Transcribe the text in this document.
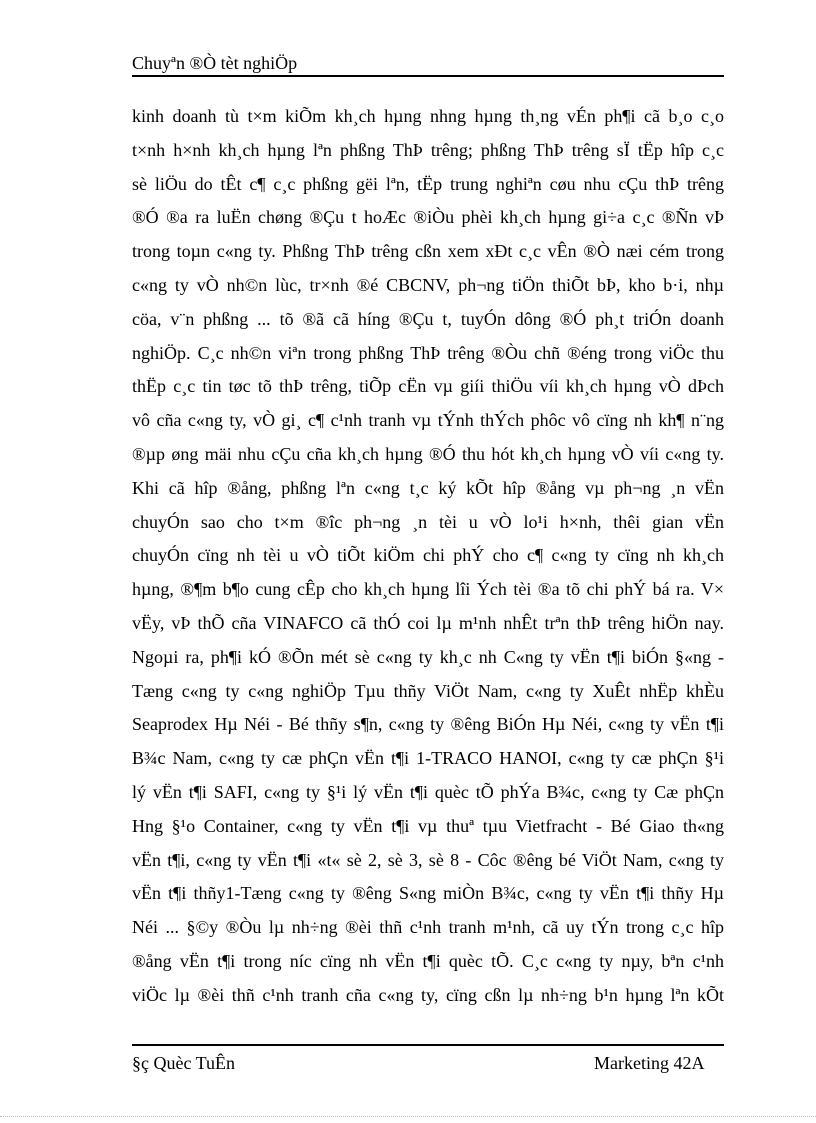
Chuyªn ®Ò tèt nghiÖp
kinh doanh tù t×m kiÕm kh¸ch hµng nhng hµng th¸ng vÉn ph¶i cã b¸o c¸o
t×nh h×nh kh¸ch hµng lªn phßng ThÞ trêng; phßng ThÞ trêng sÏ tËp hîp c¸c
sè liÖu do tÊt c¶ c¸c phßng gëi lªn, tËp trung nghiªn cøu nhu cÇu thÞ trêng
®Ó ®a ra luËn chøng ®Çu t hoÆc ®iÒu phèi kh¸ch hµng gi÷a c¸c ®Ñn vÞ
trong toµn c«ng ty. Phßng ThÞ trêng cßn xem xÐt c¸c vÊn ®Ò næi cém trong
c«ng ty vÒ nh©n lùc, tr×nh ®é CBCNV, ph¬ng tiÖn thiÕt bÞ, kho b·i, nhµ
cöa, v¨n phßng ... tõ ®ã cã híng ®Çu t, tuyÓn dông ®Ó ph¸t triÓn doanh
nghiÖp. C¸c nh©n viªn trong phßng ThÞ trêng ®Òu chñ ®éng trong viÖc thu
thËp c¸c tin tøc tõ thÞ trêng, tiÕp cËn vµ giíi thiÖu víi kh¸ch hµng vÒ dÞch
vô cña c«ng ty, vÒ gi¸ c¶ c¹nh tranh vµ tÝnh thÝch phôc vô cïng nh kh¶ n¨ng
®µp øng mäi nhu cÇu cña kh¸ch hµng ®Ó thu hót kh¸ch hµng vÒ víi c«ng ty.
Khi cã hîp ®ång, phßng lªn c«ng t¸c ký kÕt hîp ®ång vµ ph¬ng ¸n vËn
chuyÓn sao cho t×m ®îc ph¬ng ¸n tèi u vÒ lo¹i h×nh, thêi gian vËn
chuyÓn cïng nh tèi u vÒ tiÕt kiÖm chi phÝ cho c¶ c«ng ty cïng nh kh¸ch
hµng, ®¶m b¶o cung cÊp cho kh¸ch hµng lîi Ých tèi ®a tõ chi phÝ bá ra. V×
vËy, vÞ thÕ cña VINAFCO cã thÓ coi lµ m¹nh nhÊt trªn thÞ trêng hiÖn nay.
Ngoµi ra, ph¶i kÓ ®Õn mét sè c«ng ty kh¸c nh C«ng ty vËn t¶i biÓn §«ng -
Tæng c«ng ty c«ng nghiÖp Tµu thñy ViÖt Nam, c«ng ty XuÊt nhËp khÈu
Seaprodex Hµ Néi - Bé thñy s¶n, c«ng ty ®êng BiÓn Hµ Néi, c«ng ty vËn t¶i
B¾c Nam, c«ng ty cæ phÇn vËn t¶i 1-TRACO HANOI, c«ng ty cæ phÇn §¹i
lý vËn t¶i SAFI, c«ng ty §¹i lý vËn t¶i quèc tÕ phÝa B¾c, c«ng ty Cæ phÇn
Hng §¹o Container, c«ng ty vËn t¶i vµ thuª tµu Vietfracht - Bé Giao th«ng
vËn t¶i, c«ng ty vËn t¶i «t« sè 2, sè 3, sè 8 - Côc ®êng bé ViÖt Nam, c«ng ty
vËn t¶i thñy1-Tæng c«ng ty ®êng S«ng miÒn B¾c, c«ng ty vËn t¶i thñy Hµ
Néi ... §©y ®Òu lµ nh÷ng ®èi thñ c¹nh tranh m¹nh, cã uy tÝn trong c¸c hîp
®ång vËn t¶i trong níc cïng nh vËn t¶i quèc tÕ. C¸c c«ng ty nµy, bªn c¹nh
viÖc lµ ®èi thñ c¹nh tranh cña c«ng ty, cïng cßn lµ nh÷ng b¹n hµng lªn kÕt
§ç Quèc TuÊn	Marketing 42A
